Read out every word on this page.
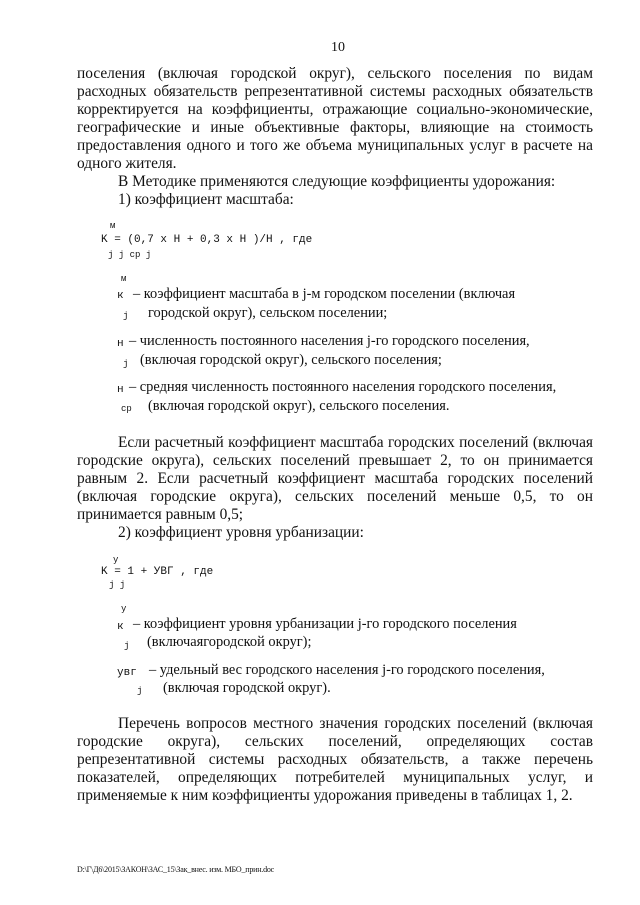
10
поселения (включая городской округ), сельского поселения по видам
расходных обязательств репрезентативной системы расходных обязательств
корректируется на коэффициенты, отражающие социально-экономические,
географические и иные объективные факторы, влияющие на стоимость
предоставления одного и того же объема муниципальных услуг в расчете на
одного жителя.
В Методике применяются следующие коэффициенты удорожания:
1) коэффициент масштаба:
м
K = (0,7 x H + 0,3 x H )/H , где
j j ср j
м
к – коэффициент масштаба в j-м городском поселении (включая
j городской округ), сельском поселении;
н – численность постоянного населения j-го городского поселения,
j (включая городской округ), сельского поселения;
н – средняя численность постоянного населения городского поселения,
ср (включая городской округ), сельского поселения.
Если расчетный коэффициент масштаба городских поселений (включая
городские округа), сельских поселений превышает 2, то он принимается
равным 2. Если расчетный коэффициент масштаба городских поселений
(включая городские округа), сельских поселений меньше 0,5, то он
принимается равным 0,5;
2) коэффициент уровня урбанизации:
у
K = 1 + УВГ , где
j j
у
к – коэффициент уровня урбанизации j-го городского поселения
j (включаягородской округ);
увг – удельный вес городского населения j-го городского поселения,
j (включая городской округ).
Перечень вопросов местного значения городских поселений (включая
городские округа), сельских поселений, определяющих состав
репрезентативной системы расходных обязательств, а также перечень
показателей, определяющих потребителей муниципальных услуг, и
применяемые к ним коэффициенты удорожания приведены в таблицах 1, 2.
D:\Г\Д6\2015\ЗАКОН\ЗАС_15\Зак_внес. изм. МБО_прин.doc
